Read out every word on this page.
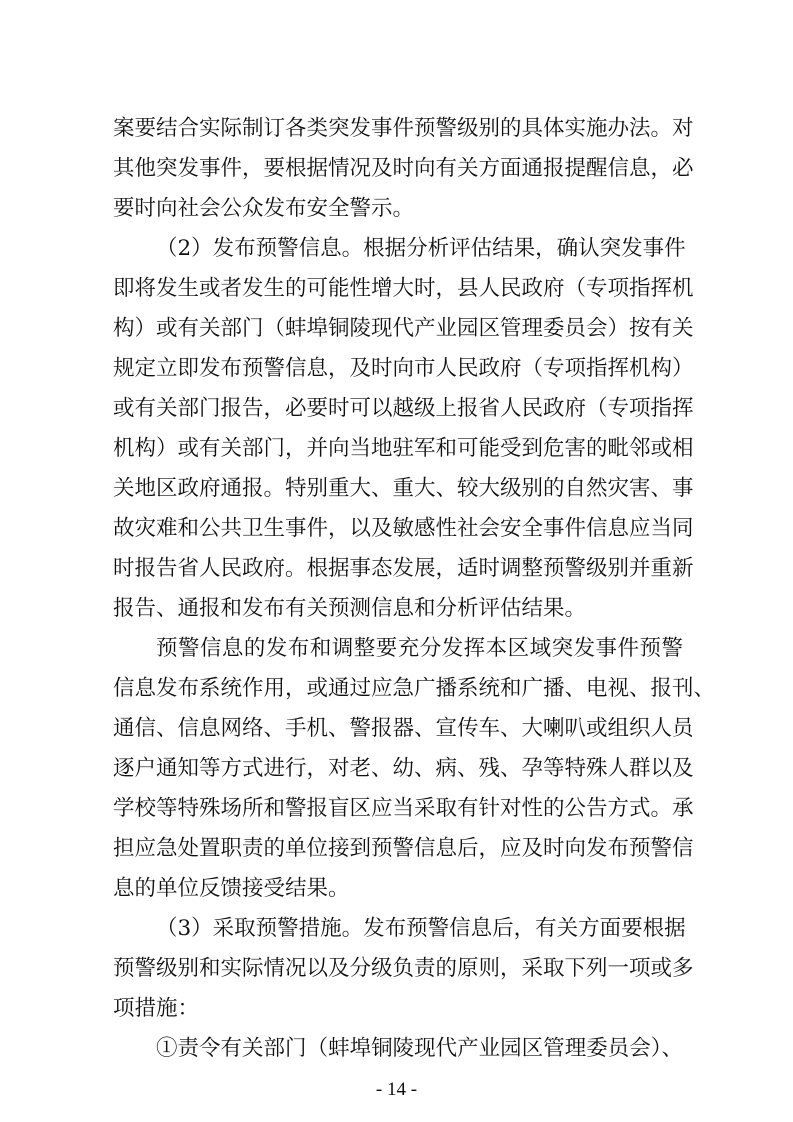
案要结合实际制订各类突发事件预警级别的具体实施办法。对
其他突发事件，要根据情况及时向有关方面通报提醒信息，必
要时向社会公众发布安全警示。
（2）发布预警信息。根据分析评估结果，确认突发事件
即将发生或者发生的可能性增大时，县人民政府（专项指挥机
构）或有关部门（蚌埠铜陵现代产业园区管理委员会）按有关
规定立即发布预警信息，及时向市人民政府（专项指挥机构）
或有关部门报告，必要时可以越级上报省人民政府（专项指挥
机构）或有关部门，并向当地驻军和可能受到危害的毗邻或相
关地区政府通报。特别重大、重大、较大级别的自然灾害、事
故灾难和公共卫生事件，以及敏感性社会安全事件信息应当同
时报告省人民政府。根据事态发展，适时调整预警级别并重新
报告、通报和发布有关预测信息和分析评估结果。
预警信息的发布和调整要充分发挥本区域突发事件预警
信息发布系统作用，或通过应急广播系统和广播、电视、报刊、
通信、信息网络、手机、警报器、宣传车、大喇叭或组织人员
逐户通知等方式进行，对老、幼、病、残、孕等特殊人群以及
学校等特殊场所和警报盲区应当采取有针对性的公告方式。承
担应急处置职责的单位接到预警信息后，应及时向发布预警信
息的单位反馈接受结果。
（3）采取预警措施。发布预警信息后，有关方面要根据
预警级别和实际情况以及分级负责的原则，采取下列一项或多
项措施：
①责令有关部门（蚌埠铜陵现代产业园区管理委员会）、
- 14 -
